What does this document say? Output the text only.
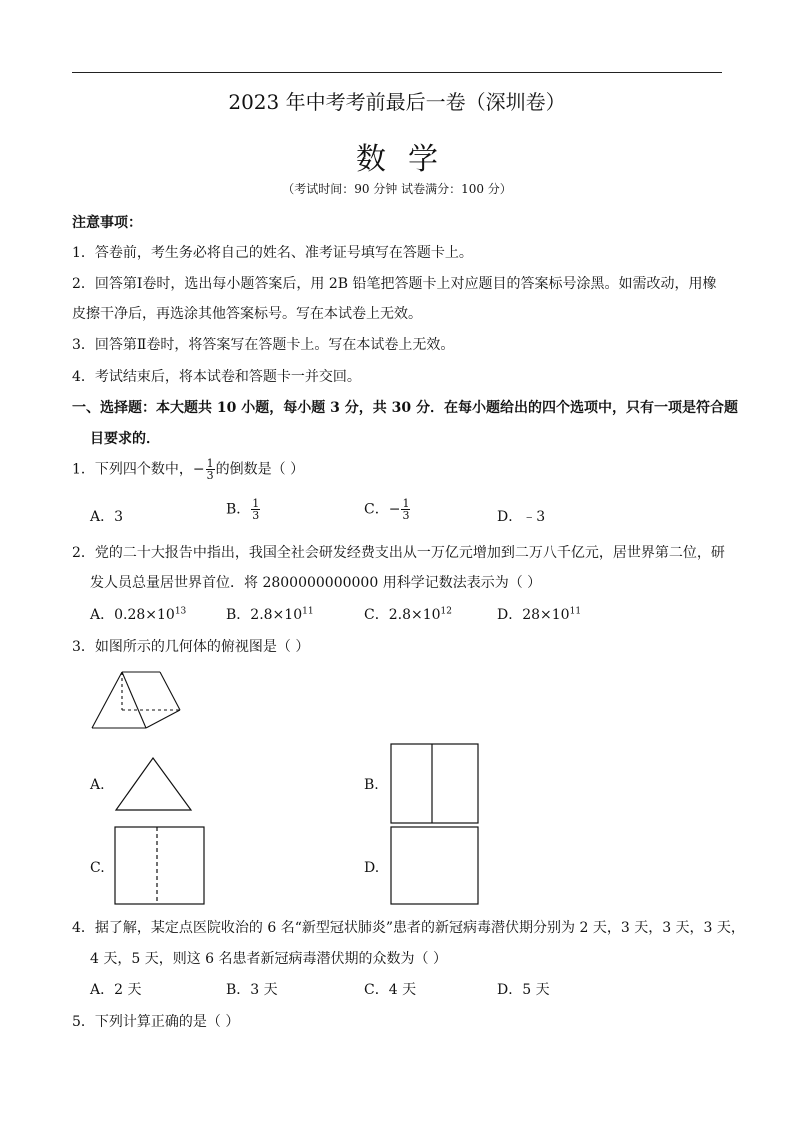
2023 年中考考前最后一卷（深圳卷）
数学
（考试时间：90 分钟 试卷满分：100 分）
注意事项：
1．答卷前，考生务必将自己的姓名、准考证号填写在答题卡上。
2．回答第Ⅰ卷时，选出每小题答案后，用 2B 铅笔把答题卡上对应题目的答案标号涂黑。如需改动，用橡
皮擦干净后，再选涂其他答案标号。写在本试卷上无效。
3．回答第Ⅱ卷时，将答案写在答题卡上。写在本试卷上无效。
4．考试结束后，将本试卷和答题卡一并交回。
一、选择题：本大题共 10 小题，每小题 3 分，共 30 分．在每小题给出的四个选项中，只有一项是符合题
目要求的．
1．下列四个数中，− $\frac{1}{3}$ 的倒数是（ ）
A．3	B． $\frac{1}{3}$	C．− $\frac{1}{3}$	D．﹣3
2．党的二十大报告中指出，我国全社会研发经费支出从一万亿元增加到二万八千亿元，居世界第二位，研
发人员总量居世界首位．将 2800000000000 用科学记数法表示为（ ）
A．$0.28\times 10^{13}$	B．$2.8\times 10^{11}$	C．$2.8\times 10^{12}$	D．$28\times 10^{11}$
3．如图所示的几何体的俯视图是（ ）
A.	B.
C.	D.
4．据了解，某定点医院收治的 6 名“新型冠状肺炎”患者的新冠病毒潜伏期分别为 2 天，3 天，3 天，3 天，
4 天，5 天，则这 6 名患者新冠病毒潜伏期的众数为（ ）
A．2 天	B．3 天	C．4 天	D．5 天
5．下列计算正确的是（ ）
